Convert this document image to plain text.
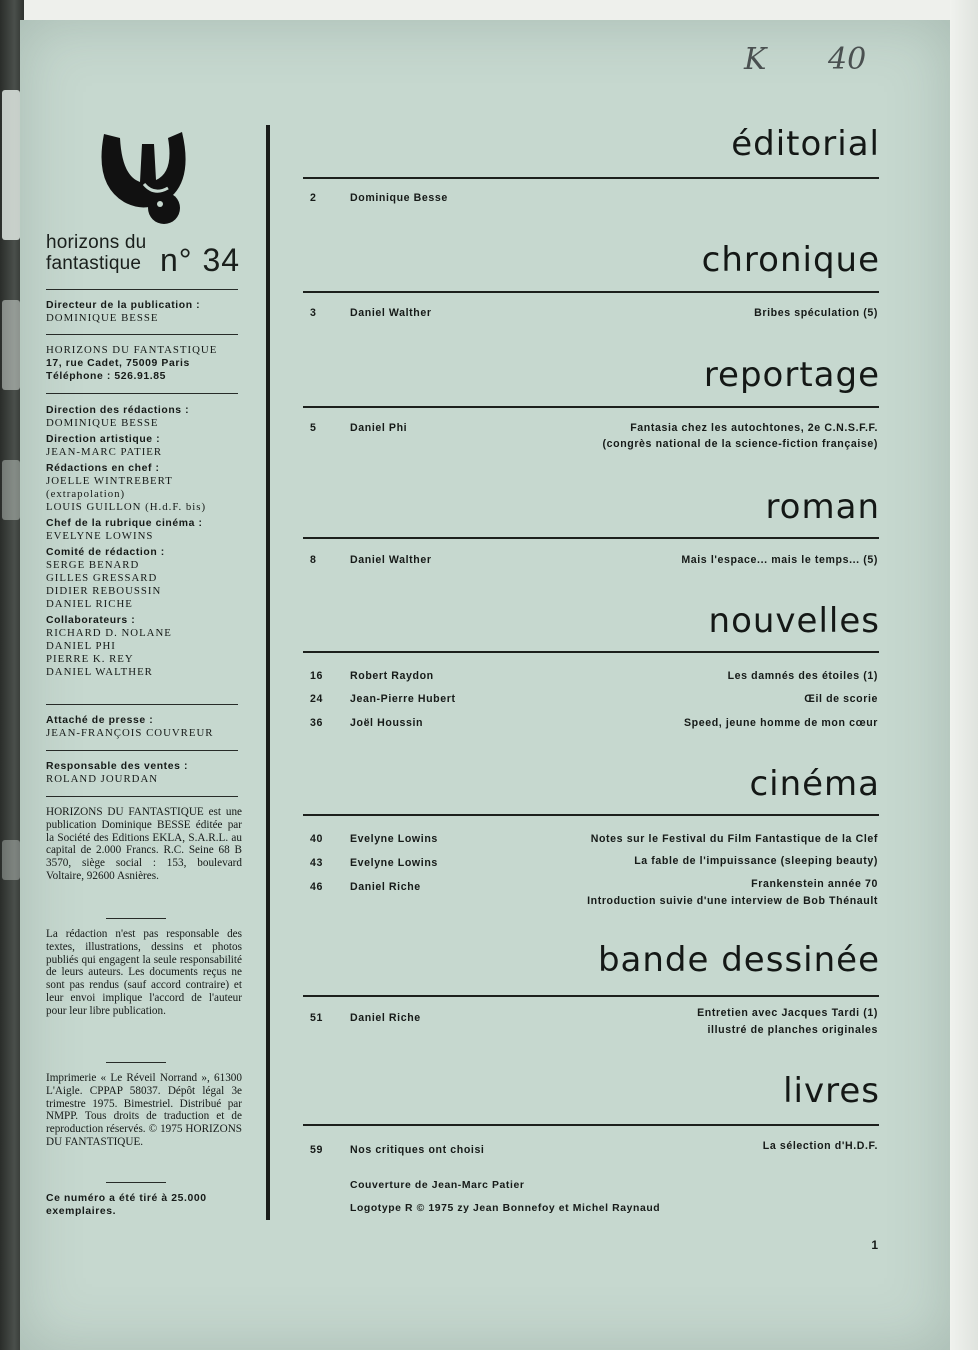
K 40
horizons du
fantastique n° 34
Directeur de la publication :
DOMINIQUE BESSE
HORIZONS DU FANTASTIQUE
17, rue Cadet, 75009 Paris
Téléphone : 526.91.85
Direction des rédactions :
DOMINIQUE BESSE
Direction artistique :
JEAN-MARC PATIER
Rédactions en chef :
JOELLE WINTREBERT
(extrapolation)
LOUIS GUILLON (H.d.F. bis)
Chef de la rubrique cinéma :
EVELYNE LOWINS
Comité de rédaction :
SERGE BENARD
GILLES GRESSARD
DIDIER REBOUSSIN
DANIEL RICHE
Collaborateurs :
RICHARD D. NOLANE
DANIEL PHI
PIERRE K. REY
DANIEL WALTHER
Attaché de presse :
JEAN-FRANÇOIS COUVREUR
Responsable des ventes :
ROLAND JOURDAN
HORIZONS DU FANTASTIQUE est une publication Dominique BESSE éditée par la Société des Editions EKLA, S.A.R.L. au capital de 2.000 Francs. R.C. Seine 68 B 3570, siège social : 153, boulevard Voltaire, 92600 Asnières.
La rédaction n'est pas responsable des textes, illustrations, dessins et photos publiés qui engagent la seule responsabilité de leurs auteurs. Les documents reçus ne sont pas rendus (sauf accord contraire) et leur envoi implique l'accord de l'auteur pour leur libre publication.
Imprimerie « Le Réveil Norrand », 61300 L'Aigle. CPPAP 58037. Dépôt légal 3e trimestre 1975. Bimestriel. Distribué par NMPP. Tous droits de traduction et de reproduction réservés. © 1975 HORIZONS DU FANTASTIQUE.
Ce numéro a été tiré à 25.000 exemplaires.
éditorial
2	Dominique Besse
chronique
3	Daniel Walther	Bribes spéculation (5)
reportage
5	Daniel Phi	Fantasia chez les autochtones, 2e C.N.S.F.F.
(congrès national de la science-fiction française)
roman
8	Daniel Walther	Mais l'espace... mais le temps... (5)
nouvelles
16	Robert Raydon	Les damnés des étoiles (1)
24	Jean-Pierre Hubert	Œil de scorie
36	Joël Houssin	Speed, jeune homme de mon cœur
cinéma
40	Evelyne Lowins	Notes sur le Festival du Film Fantastique de la Clef
43	Evelyne Lowins	La fable de l'impuissance (sleeping beauty)
46	Daniel Riche	Frankenstein année 70
Introduction suivie d'une interview de Bob Thénault
bande dessinée
51	Daniel Riche	Entretien avec Jacques Tardi (1)
illustré de planches originales
livres
59	Nos critiques ont choisi	La sélection d'H.D.F.
Couverture de Jean-Marc Patier
Logotype R © 1975 zy Jean Bonnefoy et Michel Raynaud
1
